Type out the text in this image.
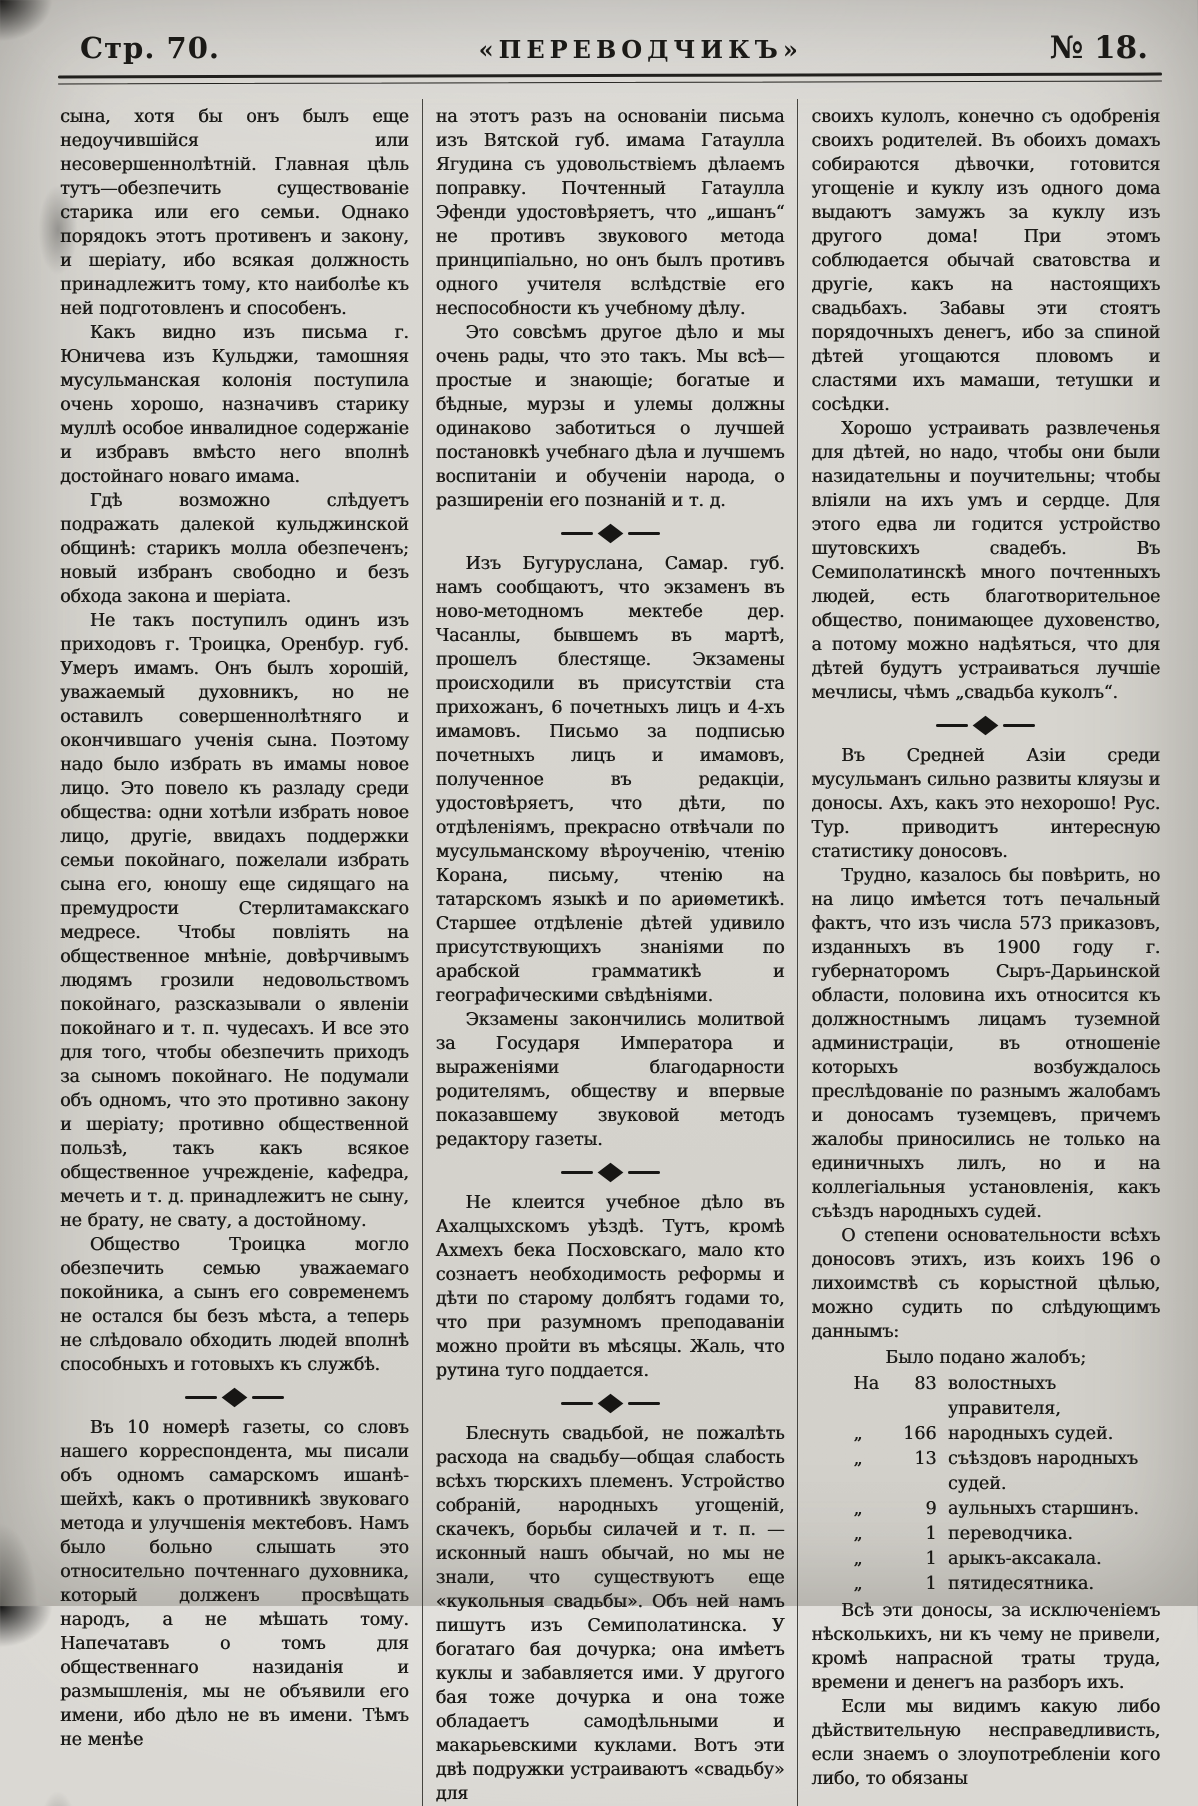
Стр. 70.	«ПЕРЕВОДЧИКЪ»	№ 18.

сына, хотя бы онъ былъ еще недоучившійся или несовершеннолѣтній. Главная цѣль тутъ—обезпечить существованіе старика или его семьи. Однако порядокъ этотъ противенъ и закону, и шеріату, ибо всякая должность принадлежитъ тому, кто наиболѣе къ ней подготовленъ и способенъ.

Какъ видно изъ письма г. Юничева изъ Кульджи, тамошняя мусульманская колонія поступила очень хорошо, назначивъ старику муллѣ особое инвалидное содержаніе и избравъ вмѣсто него вполнѣ достойнаго новаго имама.

Гдѣ возможно слѣдуетъ подражать далекой кульджинской общинѣ: старикъ молла обезпеченъ; новый избранъ свободно и безъ обхода закона и шеріата.

Не такъ поступилъ одинъ изъ приходовъ г. Троицка, Оренбур. губ. Умеръ имамъ. Онъ былъ хорошій, уважаемый духовникъ, но не оставилъ совершеннолѣтняго и окончившаго ученія сына. Поэтому надо было избрать въ имамы новое лицо. Это повело къ разладу среди общества: одни хотѣли избрать новое лицо, другіе, ввидахъ поддержки семьи покойнаго, пожелали избрать сына его, юношу еще сидящаго на премудрости Стерлитамакскаго медресе. Чтобы повліять на общественное мнѣніе, довѣрчивымъ людямъ грозили недовольствомъ покойнаго, разсказывали о явленіи покойнаго и т. п. чудесахъ. И все это для того, чтобы обезпечить приходъ за сыномъ покойнаго. Не подумали объ одномъ, что это противно закону и шеріату; противно общественной пользѣ, такъ какъ всякое общественное учрежденіе, кафедра, мечеть и т. д. принадлежитъ не сыну, не брату, не свату, а достойному.

Общество Троицка могло обезпечить семью уважаемаго покойника, а сынъ его современемъ не остался бы безъ мѣста, а теперь не слѣдовало обходить людей вполнѣ способныхъ и готовыхъ къ службѣ.

Въ 10 номерѣ газеты, со словъ нашего корреспондента, мы писали объ одномъ самарскомъ ишанѣ-шейхѣ, какъ о противникѣ звуковаго метода и улучшенія мектебовъ. Намъ было больно слышать это относительно почтеннаго духовника, который долженъ просвѣщать народъ, а не мѣшать тому. Напечатавъ о томъ для общественнаго назиданія и размышленія, мы не объявили его имени, ибо дѣло не въ имени. Тѣмъ не менѣе

на этотъ разъ на основаніи письма изъ Вятской губ. имама Гатаулла Ягудина съ удовольствіемъ дѣлаемъ поправку. Почтенный Гатаулла Эфенди удостовѣряетъ, что „ишанъ“ не противъ звукового метода принципіально, но онъ былъ противъ одного учителя вслѣдствіе его неспособности къ учебному дѣлу.

Это совсѣмъ другое дѣло и мы очень рады, что это такъ. Мы всѣ—простые и знающіе; богатые и бѣдные, мурзы и улемы должны одинаково заботиться о лучшей постановкѣ учебнаго дѣла и лучшемъ воспитаніи и обученіи народа, о разширеніи его познаній и т. д.

Изъ Бугуруслана, Самар. губ. намъ сообщаютъ, что экзаменъ въ ново-методномъ мектебе дер. Часанлы, бывшемъ въ мартѣ, прошелъ блестяще. Экзамены происходили въ присутствіи ста прихожанъ, 6 почетныхъ лицъ и 4-хъ имамовъ. Письмо за подписью почетныхъ лицъ и имамовъ, полученное въ редакціи, удостовѣряетъ, что дѣти, по отдѣленіямъ, прекрасно отвѣчали по мусульманскому вѣроученію, чтенію Корана, письму, чтенію на татарскомъ языкѣ и по ариѳметикѣ. Старшее отдѣленіе дѣтей удивило присутствующихъ знаніями по арабской грамматикѣ и географическими свѣдѣніями.

Экзамены закончились молитвой за Государя Императора и выраженіями благодарности родителямъ, обществу и впервые показавшему звуковой методъ редактору газеты.

Не клеится учебное дѣло въ Ахалцыхскомъ уѣздѣ. Тутъ, кромѣ Ахмехъ бека Посховскаго, мало кто сознаетъ необходимость реформы и дѣти по старому долбятъ годами то, что при разумномъ преподаваніи можно пройти въ мѣсяцы. Жаль, что рутина туго поддается.

Блеснуть свадьбой, не пожалѣть расхода на свадьбу—общая слабость всѣхъ тюрскихъ племенъ. Устройство собраній, народныхъ угощеній, скачекъ, борьбы силачей и т. п. — исконный нашъ обычай, но мы не знали, что существуютъ еще «кукольныя свадьбы». Объ ней намъ пишутъ изъ Семиполатинска. У богатаго бая дочурка; она имѣетъ куклы и забавляется ими. У другого бая тоже дочурка и она тоже обладаетъ самодѣльными и макарьевскими куклами. Вотъ эти двѣ подружки устраиваютъ «свадьбу» для

своихъ кулолъ, конечно съ одобренія своихъ родителей. Въ обоихъ домахъ собираются дѣвочки, готовится угощеніе и куклу изъ одного дома выдаютъ замужъ за куклу изъ другого дома! При этомъ соблюдается обычай сватовства и другіе, какъ на настоящихъ свадьбахъ. Забавы эти стоятъ порядочныхъ денегъ, ибо за спиной дѣтей угощаются пловомъ и сластями ихъ мамаши, тетушки и сосѣдки.

Хорошо устраивать развлеченья для дѣтей, но надо, чтобы они были назидательны и поучительны; чтобы вліяли на ихъ умъ и сердце. Для этого едва ли годится устройство шутовскихъ свадебъ. Въ Семиполатинскѣ много почтенныхъ людей, есть благотворительное общество, понимающее духовенство, а потому можно надѣяться, что для дѣтей будутъ устраиваться лучшіе мечлисы, чѣмъ „свадьба куколъ“.

Въ Средней Азіи среди мусульманъ сильно развиты кляузы и доносы. Ахъ, какъ это нехорошо! Рус. Тур. приводитъ интересную статистику доносовъ.

Трудно, казалось бы повѣрить, но на лицо имѣется тотъ печальный фактъ, что изъ числа 573 приказовъ, изданныхъ въ 1900 году г. губернаторомъ Сыръ-Дарьинской области, половина ихъ относится къ должностнымъ лицамъ туземной администраціи, въ отношеніе которыхъ возбуждалось преслѣдованіе по разнымъ жалобамъ и доносамъ туземцевъ, причемъ жалобы приносились не только на единичныхъ лилъ, но и на коллегіальныя установленія, какъ съѣздъ народныхъ судей.

О степени основательности всѣхъ доносовъ этихъ, изъ коихъ 196 о лихоимствѣ съ корыстной цѣлью, можно судить по слѣдующимъ даннымъ:

Было подано жалобъ;

На	83 волостныхъ управителя,
„	166 народныхъ судей.
„	13 съѣздовъ народныхъ судей.
„	9 аульныхъ старшинъ.
„	1 переводчика.
„	1 арыкъ-аксакала.
„	1 пятидесятника.

Всѣ эти доносы, за исключеніемъ нѣсколькихъ, ни къ чему не привели, кромѣ напрасной траты труда, времени и денегъ на разборъ ихъ.

Если мы видимъ какую либо дѣйствительную несправедливисть, если знаемъ о злоупотребленіи кого либо, то обязаны
